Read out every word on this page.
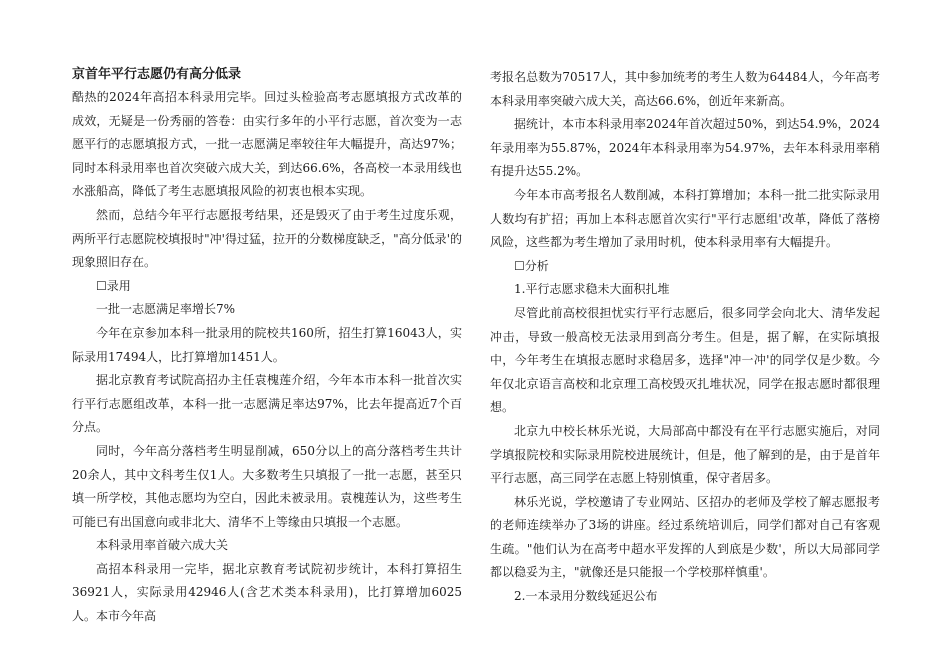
京首年平行志愿仍有高分低录

酷热的2024年高招本科录用完毕。回过头检验高考志愿填报方式改革的成效，无疑是一份秀丽的答卷：由实行多年的小平行志愿，首次变为一志愿平行的志愿填报方式，一批一志愿满足率较往年大幅提升，高达97%；同时本科录用率也首次突破六成大关，到达66.6%，各高校一本录用线也水涨船高，降低了考生志愿填报风险的初衷也根本实现。

然而，总结今年平行志愿报考结果，还是毁灭了由于考生过度乐观，两所平行志愿院校填报时"冲'得过猛，拉开的分数梯度缺乏，"高分低录'的现象照旧存在。

☐录用

一批一志愿满足率增长7%

今年在京参加本科一批录用的院校共160所，招生打算16043人，实际录用17494人，比打算增加1451人。

据北京教育考试院高招办主任袁槐莲介绍，今年本市本科一批首次实行平行志愿组改革，本科一批一志愿满足率达97%，比去年提高近7个百分点。

同时，今年高分落档考生明显削减，650分以上的高分落档考生共计20余人，其中文科考生仅1人。大多数考生只填报了一批一志愿，甚至只填一所学校，其他志愿均为空白，因此未被录用。袁槐莲认为，这些考生可能已有出国意向或非北大、清华不上等缘由只填报一个志愿。

本科录用率首破六成大关

高招本科录用一完毕，据北京教育考试院初步统计，本科打算招生36921人，实际录用42946人(含艺术类本科录用)，比打算增加6025人。本市今年高

考报名总数为70517人，其中参加统考的考生人数为64484人，今年高考本科录用率突破六成大关，高达66.6%，创近年来新高。

据统计，本市本科录用率2024年首次超过50%，到达54.9%，2024年录用率为55.87%，2024年本科录用率为54.97%，去年本科录用率稍有提升达55.2%。

今年本市高考报名人数削减，本科打算增加；本科一批二批实际录用人数均有扩招；再加上本科志愿首次实行"平行志愿组'改革，降低了落榜风险，这些都为考生增加了录用时机，使本科录用率有大幅提升。

☐分析

1.平行志愿求稳未大面积扎堆

尽管此前高校很担忧实行平行志愿后，很多同学会向北大、清华发起冲击，导致一般高校无法录用到高分考生。但是，据了解，在实际填报中，今年考生在填报志愿时求稳居多，选择"冲一冲'的同学仅是少数。今年仅北京语言高校和北京理工高校毁灭扎堆状况，同学在报志愿时都很理想。

北京九中校长林乐光说，大局部高中都没有在平行志愿实施后，对同学填报院校和实际录用院校进展统计，但是，他了解到的是，由于是首年平行志愿，高三同学在志愿上特别慎重，保守者居多。

林乐光说，学校邀请了专业网站、区招办的老师及学校了解志愿报考的老师连续举办了3场的讲座。经过系统培训后，同学们都对自己有客观生疏。"他们认为在高考中超水平发挥的人到底是少数'，所以大局部同学都以稳妥为主，"就像还是只能报一个学校那样慎重'。

2.一本录用分数线延迟公布
